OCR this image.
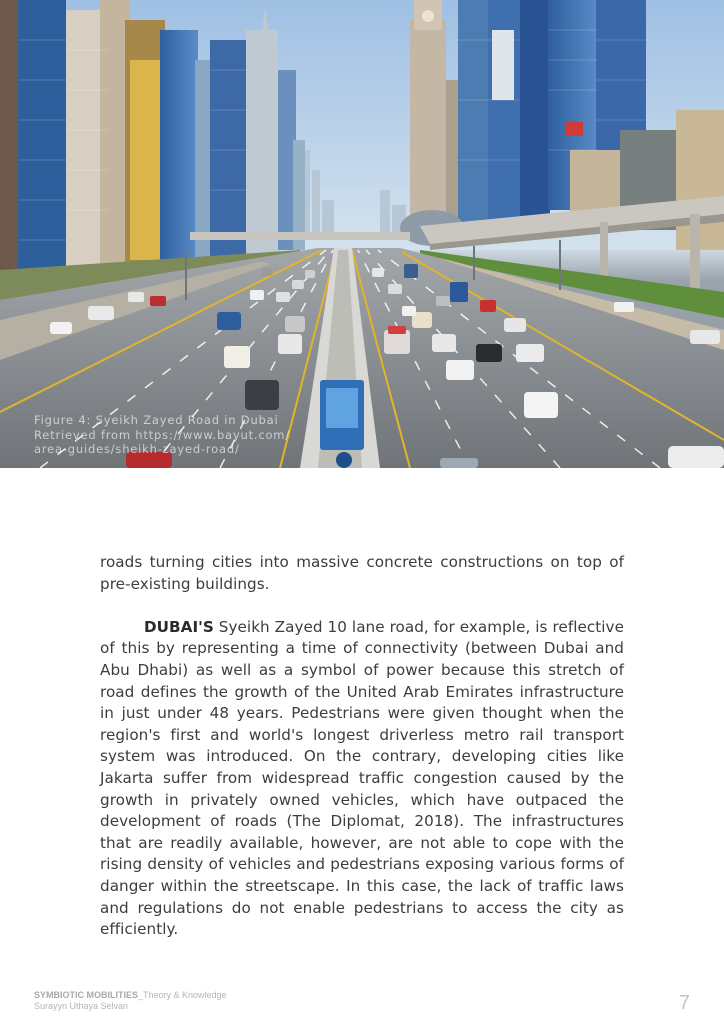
Figure 4: Syeikh Zayed Road in Dubai
Retrieved from https://www.bayut.com/
area-guides/sheikh-zayed-road/

roads turning cities into massive concrete constructions on top of pre-existing buildings.

DUBAI'S Syeikh Zayed 10 lane road, for example, is reflective of this by representing a time of connectivity (between Dubai and Abu Dhabi) as well as a symbol of power because this stretch of road defines the growth of the United Arab Emirates infrastructure in just under 48 years. Pedestrians were given thought when the region's first and world's longest driverless metro rail transport system was introduced. On the contrary, developing cities like Jakarta suffer from widespread traffic congestion caused by the growth in privately owned vehicles, which have outpaced the development of roads (The Diplomat, 2018). The infrastructures that are readily available, however, are not able to cope with the rising density of vehicles and pedestrians exposing various forms of danger within the streetscape. In this case, the lack of traffic laws and regulations do not enable pedestrians to access the city as efficiently.

SYMBIOTIC MOBILITIES_Theory & Knowledge
Surayyn Uthaya Selvan	7
